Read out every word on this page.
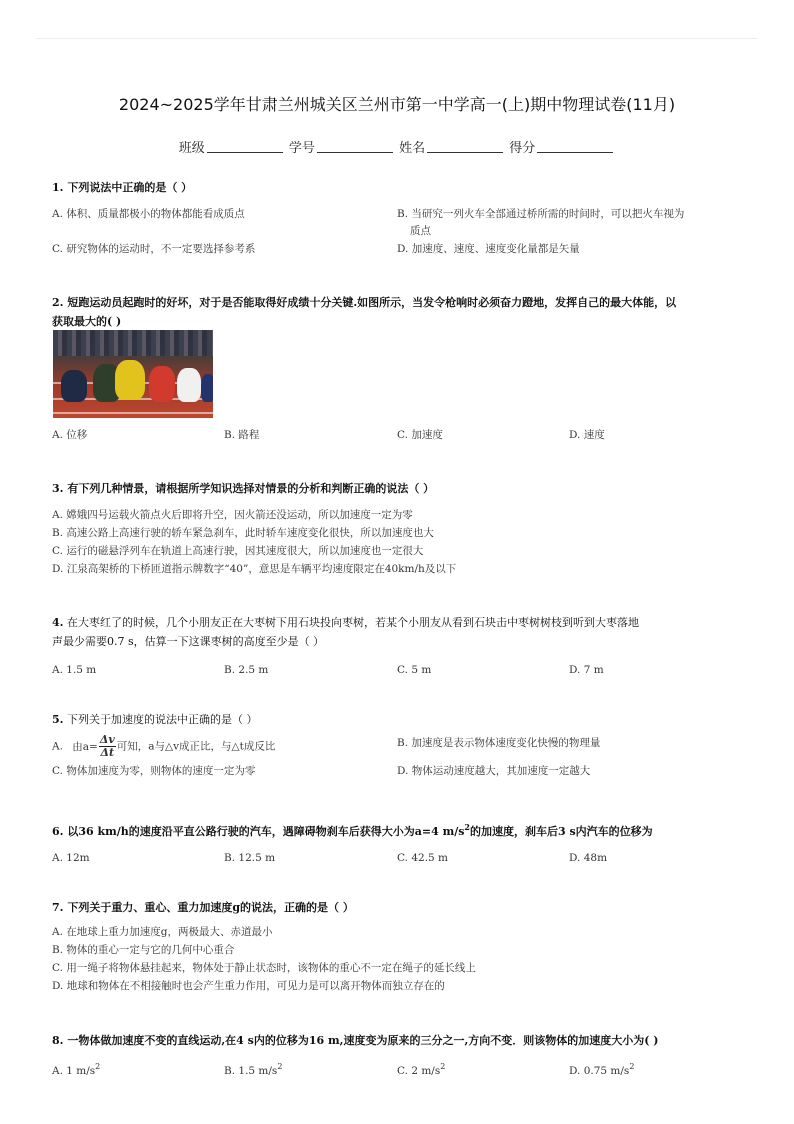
2024~2025学年甘肃兰州城关区兰州市第一中学高一(上)期中物理试卷(11月)
班级	学号	姓名	得分
1. 下列说法中正确的是（ ）
A. 体积、质量都极小的物体都能看成质点	B. 当研究一列火车全部通过桥所需的时间时，可以把火车视为
质点
C. 研究物体的运动时，不一定要选择参考系	D. 加速度、速度、速度变化量都是矢量
2. 短跑运动员起跑时的好坏，对于是否能取得好成绩十分关键.如图所示，当发令枪响时必须奋力蹬地，发挥自己的最大体能，以
获取最大的( )
A. 位移	B. 路程	C. 加速度	D. 速度
3. 有下列几种情景，请根据所学知识选择对情景的分析和判断正确的说法（ ）
A. 嫦娥四号运载火箭点火后即将升空，因火箭还没运动，所以加速度一定为零
B. 高速公路上高速行驶的轿车紧急刹车，此时轿车速度变化很快，所以加速度也大
C. 运行的磁悬浮列车在轨道上高速行驶，因其速度很大，所以加速度也一定很大
D. 江泉高架桥的下桥匝道指示牌数字“40”，意思是车辆平均速度限定在40km/h及以下
4. 在大枣红了的时候，几个小朋友正在大枣树下用石块投向枣树，若某个小朋友从看到石块击中枣树树枝到听到大枣落地
声最少需要0.7 s，估算一下这课枣树的高度至少是（ ）
A. 1.5 m	B. 2.5 m	C. 5 m	D. 7 m
5. 下列关于加速度的说法中正确的是（ ）
A. 由$a= \frac{\Delta v}{\Delta t}$ 可知，a与△v成正比，与△t成反比	B. 加速度是表示物体速度变化快慢的物理量
C. 物体加速度为零，则物体的速度一定为零	D. 物体运动速度越大，其加速度一定越大
6. 以36 km/h的速度沿平直公路行驶的汽车，遇障碍物刹车后获得大小为a=4 $m/s^2$的加速度，刹车后3 s内汽车的位移为
A. 12m	B. 12.5 m	C. 42.5 m	D. 48m
7. 下列关于重力、重心、重力加速度g的说法，正确的是（ ）
A. 在地球上重力加速度g，两极最大、赤道最小
B. 物体的重心一定与它的几何中心重合
C. 用一绳子将物体悬挂起来，物体处于静止状态时，该物体的重心不一定在绳子的延长线上
D. 地球和物体在不相接触时也会产生重力作用，可见力是可以离开物体而独立存在的
8. 一物体做加速度不变的直线运动,在4 s内的位移为16 m,速度变为原来的三分之一,方向不变．则该物体的加速度大小为( )
A. 1 $m/s^2$	B. 1.5 $m/s^2$	C. 2 $m/s^2$	D. 0.75 $m/s^2$
